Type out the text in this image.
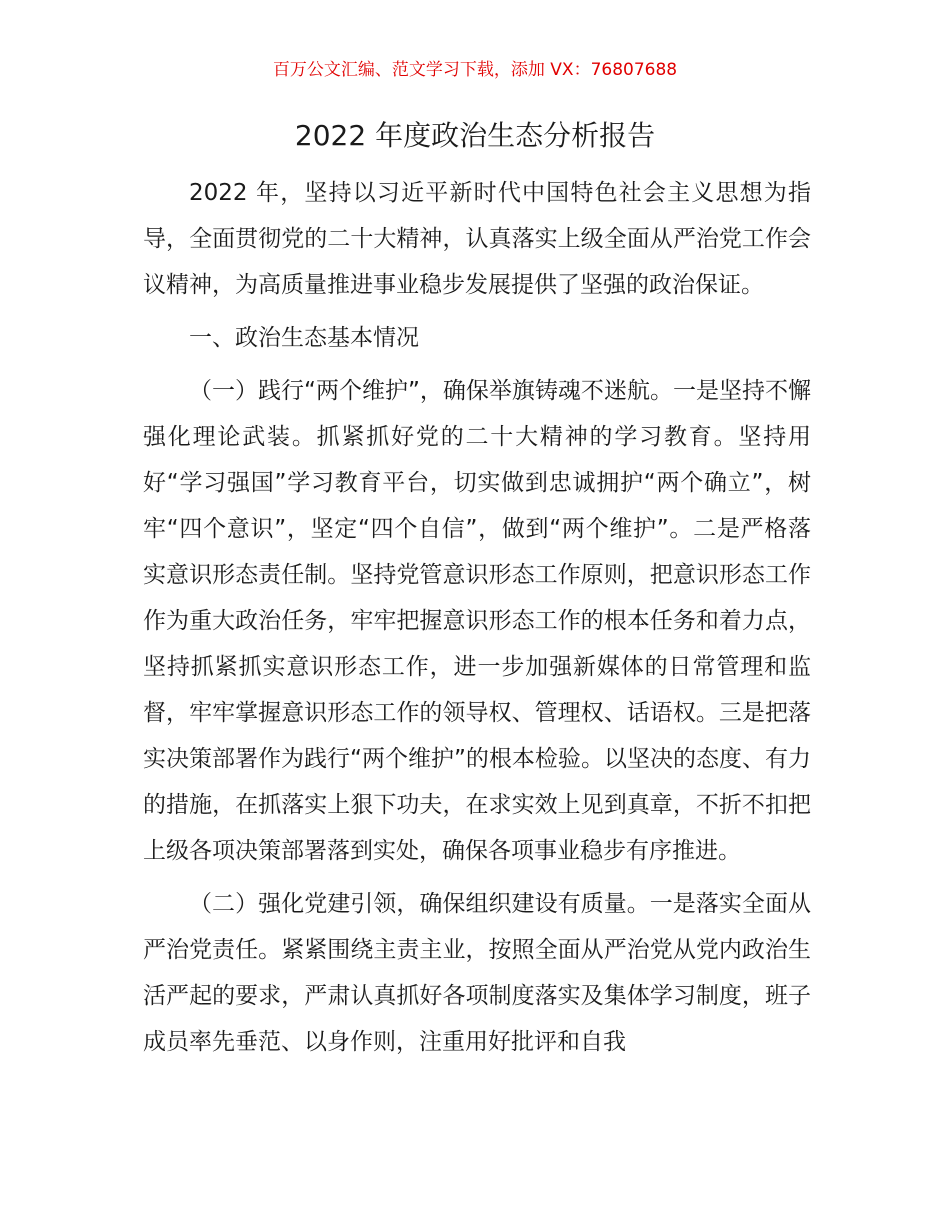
百万公文汇编、范文学习下载，添加 VX：76807688
2022 年度政治生态分析报告

2022 年，坚持以习近平新时代中国特色社会主义思想为指导，全面贯彻党的二十大精神，认真落实上级全面从严治党工作会议精神，为高质量推进事业稳步发展提供了坚强的政治保证。

一、政治生态基本情况

（一）践行“两个维护”，确保举旗铸魂不迷航。一是坚持不懈强化理论武装。抓紧抓好党的二十大精神的学习教育。坚持用好“学习强国”学习教育平台，切实做到忠诚拥护“两个确立”，树牢“四个意识”，坚定“四个自信”，做到“两个维护”。二是严格落实意识形态责任制。坚持党管意识形态工作原则，把意识形态工作作为重大政治任务，牢牢把握意识形态工作的根本任务和着力点，坚持抓紧抓实意识形态工作，进一步加强新媒体的日常管理和监督，牢牢掌握意识形态工作的领导权、管理权、话语权。三是把落实决策部署作为践行“两个维护”的根本检验。以坚决的态度、有力的措施，在抓落实上狠下功夫，在求实效上见到真章，不折不扣把上级各项决策部署落到实处，确保各项事业稳步有序推进。

（二）强化党建引领，确保组织建设有质量。一是落实全面从严治党责任。紧紧围绕主责主业，按照全面从严治党从党内政治生活严起的要求，严肃认真抓好各项制度落实及集体学习制度，班子成员率先垂范、以身作则，注重用好批评和自我
